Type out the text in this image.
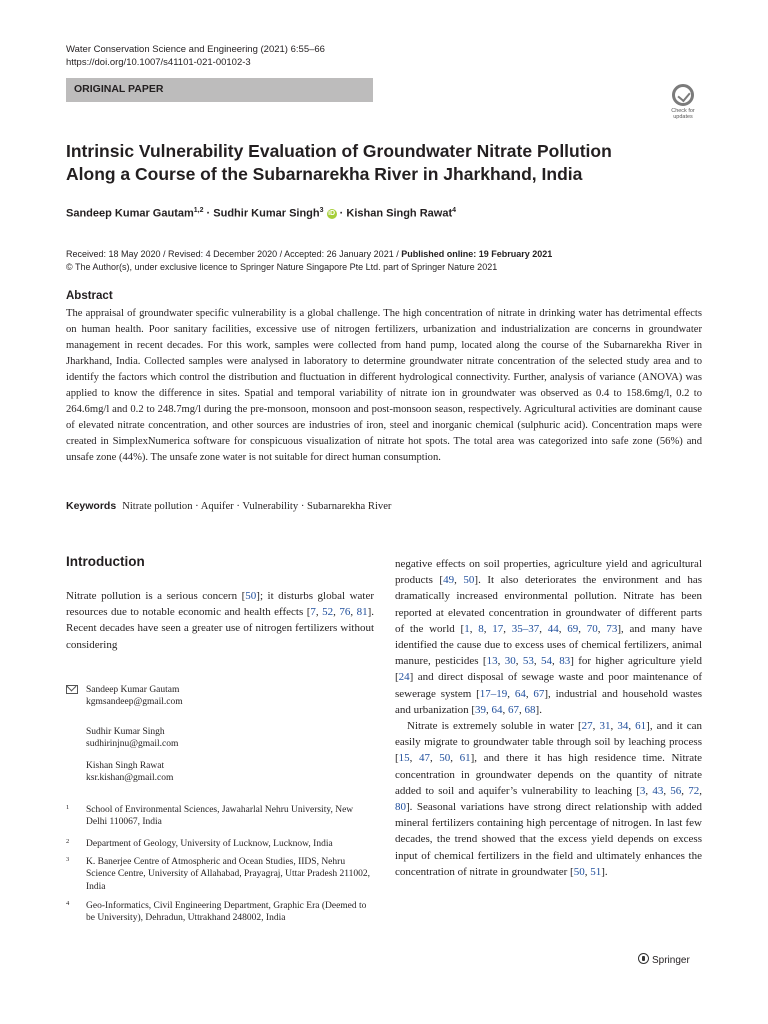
Water Conservation Science and Engineering (2021) 6:55–66
https://doi.org/10.1007/s41101-021-00102-3
ORIGINAL PAPER
Check for
updates
Intrinsic Vulnerability Evaluation of Groundwater Nitrate Pollution
Along a Course of the Subarnarekha River in Jharkhand, India
Sandeep Kumar Gautam$^{1,2}$ · Sudhir Kumar Singh$^3$ iD · Kishan Singh Rawat$^4$
Received: 18 May 2020 / Revised: 4 December 2020 / Accepted: 26 January 2021 / Published online: 19 February 2021
© The Author(s), under exclusive licence to Springer Nature Singapore Pte Ltd. part of Springer Nature 2021
Abstract
The appraisal of groundwater specific vulnerability is a global challenge. The high concentration of nitrate in drinking water has detrimental effects on human health. Poor sanitary facilities, excessive use of nitrogen fertilizers, urbanization and industrialization are concerns in groundwater management in recent decades. For this work, samples were collected from hand pump, located along the course of the Subarnarekha River in Jharkhand, India. Collected samples were analysed in laboratory to determine groundwater nitrate concentration of the selected study area and to identify the factors which control the distribution and fluctuation in different hydrological connectivity. Further, analysis of variance (ANOVA) was applied to know the difference in sites. Spatial and temporal variability of nitrate ion in groundwater was observed as 0.4 to 158.6mg/l, 0.2 to 264.6mg/l and 0.2 to 248.7mg/l during the pre-monsoon, monsoon and post-monsoon season, respectively. Agricultural activities are dominant cause of elevated nitrate concentration, and other sources are industries of iron, steel and inorganic chemical (sulphuric acid). Concentration maps were created in SimplexNumerica software for conspicuous visualization of nitrate hot spots. The total area was categorized into safe zone (56%) and unsafe zone (44%). The unsafe zone water is not suitable for direct human consumption.
Keywords Nitrate pollution · Aquifer · Vulnerability · Subarnarekha River
Introduction
Nitrate pollution is a serious concern [50]; it disturbs global water resources due to notable economic and health effects [7, 52, 76, 81]. Recent decades have seen a greater use of nitrogen fertilizers without considering

negative effects on soil properties, agriculture yield and agricultural products [49, 50]. It also deteriorates the environment and has dramatically increased environmental pollution. Nitrate has been reported at elevated concentration in groundwater of different parts of the world [1, 8, 17, 35–37, 44, 69, 70, 73], and many have identified the cause due to excess uses of chemical fertilizers, animal manure, pesticides [13, 30, 53, 54, 83] for higher agriculture yield [24] and direct disposal of sewage waste and poor maintenance of sewerage system [17–19, 64, 67], industrial and household wastes and urbanization [39, 64, 67, 68].

Nitrate is extremely soluble in water [27, 31, 34, 61], and it can easily migrate to groundwater table through soil by leaching process [15, 47, 50, 61], and there it has high residence time. Nitrate concentration in groundwater depends on the quantity of nitrate added to soil and aquifer’s vulnerability to leaching [3, 43, 56, 72, 80]. Seasonal variations have strong direct relationship with added mineral fertilizers containing high percentage of nitrogen. In last few decades, the trend showed that the excess yield depends on excess input of chemical fertilizers in the field and ultimately enhances the concentration of nitrate in groundwater [50, 51].

Sandeep Kumar Gautam
kgmsandeep@gmail.com
Sudhir Kumar Singh
sudhirinjnu@gmail.com
Kishan Singh Rawat
ksr.kishan@gmail.com
1 School of Environmental Sciences, Jawaharlal Nehru University, New Delhi 110067, India
2 Department of Geology, University of Lucknow, Lucknow, India
3 K. Banerjee Centre of Atmospheric and Ocean Studies, IIDS, Nehru Science Centre, University of Allahabad, Prayagraj, Uttar Pradesh 211002, India
4 Geo-Informatics, Civil Engineering Department, Graphic Era (Deemed to be University), Dehradun, Uttrakhand 248002, India
Springer
